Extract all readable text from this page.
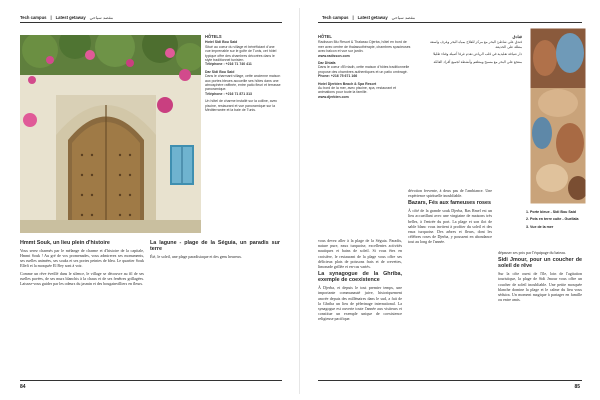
Tech campus | Latest getaway مقصد سياحي
HÔTELS
Hotel Sidi Bou Said
Situé au coeur du village et bénéficiant d'une vue imprenable sur le golfe de Tunis, cet hôtel typique offre des chambres décorées dans le style traditionnel tunisien.
Téléphone : +216 71 740 411
Dar Sidi Bou Said
Dans le charmant village, cette ancienne maison aux portes bleues accueille ses hôtes dans une atmosphère raffinée, entre patio fleuri et terrasse panoramique.
Téléphone : +216 71 871 313
Un hôtel de charme installé sur la colline, avec piscine, restaurant et vue panoramique sur la Méditerranée et la baie de Tunis.
Hmmt Souk, un lieu plein d'histoire

Vous serez charmés par le mélange de charme et d'histoire de la capitale, Hmmt Souk ! Au gré de vos promenades, vous admirerez ses monuments, ses ruelles animées, ses souks et ses portes peintes de bleu. Le quartier Souk Ellefi et la mosquée El Bey sont à voir.

Comme un rêve éveillé dans le silence, le village se découvre au fil de ses ruelles pavées, de ses murs blanchis à la chaux et de ses fenêtres grillagées. Laissez-vous guider par les odeurs du jasmin et des bougainvilliers en fleurs.

La lagune - plage de la Séguia, un paradis sur terre

Été, le soleil, une plage paradisiaque et des gens heureux.

84
Tech campus | Latest getaway مقصد سياحي
HÔTEL
Radisson Blu Resort & Thalasso Djerba, hôtel en bord de mer avec centre de thalassothérapie, chambres spacieuses avec balcon et vue sur jardin.
www.radisson.com
Dar Dhiafa
Dans le coeur d'Erriadh, cette maison d'hôtes traditionnelle propose des chambres authentiques et un patio ombragé.
Phone: +216 75 671 166
Hotel Djerbien Beach & Spa Resort
Au bord de la mer, avec piscine, spa, restaurant et animations pour toute la famille.
www.djerbien.com
فنادق
فندق على شاطئ البحر مع مركز للعلاج بمياه البحر وغرف واسعة مطلة على الحديقة
دار ضيافة تقليدية في قلب الرياض تقدم غرفا أصيلة وفناء ظليلا
منتجع على البحر مع مسبح ومطعم وأنشطة لجميع أفراد العائلة
1. Porte bleue - Sidi Bou Said
2. Pots en terre cuite - Guellala
3. Vue de la mer

vous devez aller à la plage de la Séguia. Paradis, nature pure, eaux turquoise, excellentes activités nautiques et bains de soleil. Si vous êtes en croisière, le restaurant de la plage vous offre ses délicieux plats de poissons frais et de crevettes, limonade grillée et en-cas variés.

La synagogue de la Ghriba, exemple de coexistence

À Djerba, et depuis le tout premier temps, une importante communauté juive, historiquement ancrée depuis des millénaires dans le sud, a fait de la Ghriba un lieu de pèlerinage international. La synagogue est ouverte toute l'année aux visiteurs et constitue un exemple unique de coexistence religieuse pacifique.

dévotion fervente, à deux pas de l'ambiance. Une expérience spirituelle inoubliable.

Bazars, Fés aux fameuses roses

À côté de la grande souk Djerba, Ras Rmel est un lieu accueillant avec une vingtaine de maisons très belles, à l'entrée du port. La plage et son ilot de sable blanc vous invitent à profiter du soleil et des eaux turquoise. Des arbres et fleurs, dont les célèbres roses de Djerba, y poussent en abondance tout au long de l'année.

dépasser ses prix par l'équipage du bateau.

Sidi Jmour, pour un coucher de soleil de rêve

Sur la côte ouest de l'île, loin de l'agitation touristique, la plage de Sidi Jmour vous offre un coucher de soleil inoubliable. Une petite mosquée blanche domine la plage et le calme du lieu vous séduira. Un moment magique à partager en famille ou entre amis.

85
